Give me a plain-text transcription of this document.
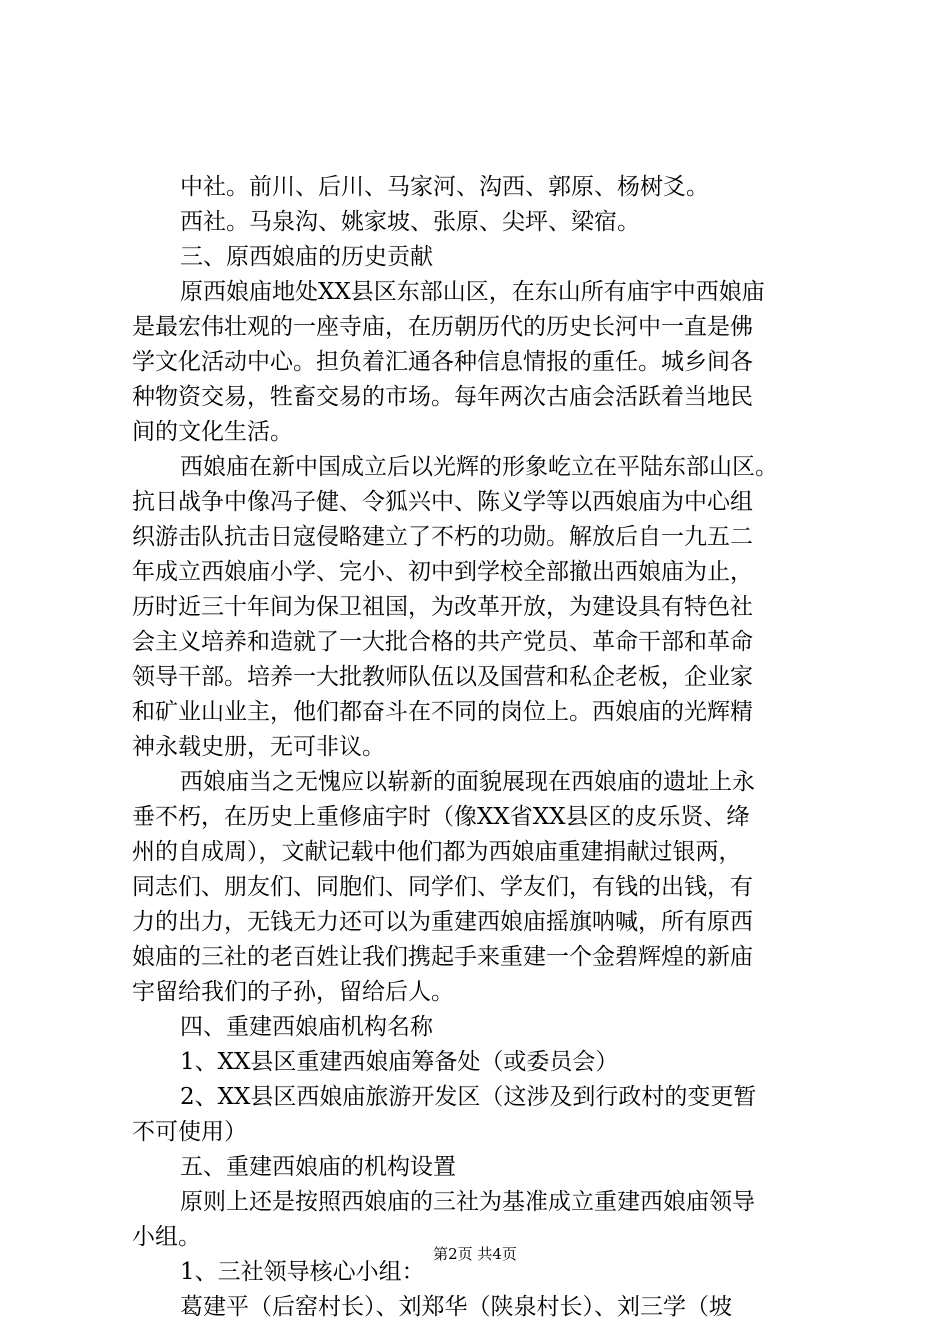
中社。前川、后川、马家河、沟西、郭原、杨树爻。
西社。马泉沟、姚家坡、张原、尖坪、梁宿。
三、原西娘庙的历史贡献
原西娘庙地处XX县区东部山区，在东山所有庙宇中西娘庙
是最宏伟壮观的一座寺庙，在历朝历代的历史长河中一直是佛
学文化活动中心。担负着汇通各种信息情报的重任。城乡间各
种物资交易，牲畜交易的市场。每年两次古庙会活跃着当地民
间的文化生活。
西娘庙在新中国成立后以光辉的形象屹立在平陆东部山区。
抗日战争中像冯子健、令狐兴中、陈义学等以西娘庙为中心组
织游击队抗击日寇侵略建立了不朽的功勋。解放后自一九五二
年成立西娘庙小学、完小、初中到学校全部撤出西娘庙为止，
历时近三十年间为保卫祖国，为改革开放，为建设具有特色社
会主义培养和造就了一大批合格的共产党员、革命干部和革命
领导干部。培养一大批教师队伍以及国营和私企老板，企业家
和矿业山业主，他们都奋斗在不同的岗位上。西娘庙的光辉精
神永载史册，无可非议。
西娘庙当之无愧应以崭新的面貌展现在西娘庙的遗址上永
垂不朽，在历史上重修庙宇时（像XX省XX县区的皮乐贤、绛
州的自成周），文献记载中他们都为西娘庙重建捐献过银两，
同志们、朋友们、同胞们、同学们、学友们，有钱的出钱，有
力的出力，无钱无力还可以为重建西娘庙摇旗呐喊，所有原西
娘庙的三社的老百姓让我们携起手来重建一个金碧辉煌的新庙
宇留给我们的子孙，留给后人。
四、重建西娘庙机构名称
1、XX县区重建西娘庙筹备处（或委员会）
2、XX县区西娘庙旅游开发区（这涉及到行政村的变更暂
不可使用）
五、重建西娘庙的机构设置
原则上还是按照西娘庙的三社为基准成立重建西娘庙领导
小组。
1、三社领导核心小组：
葛建平（后窑村长）、刘郑华（陕泉村长）、刘三学（坡
第2页 共4页
